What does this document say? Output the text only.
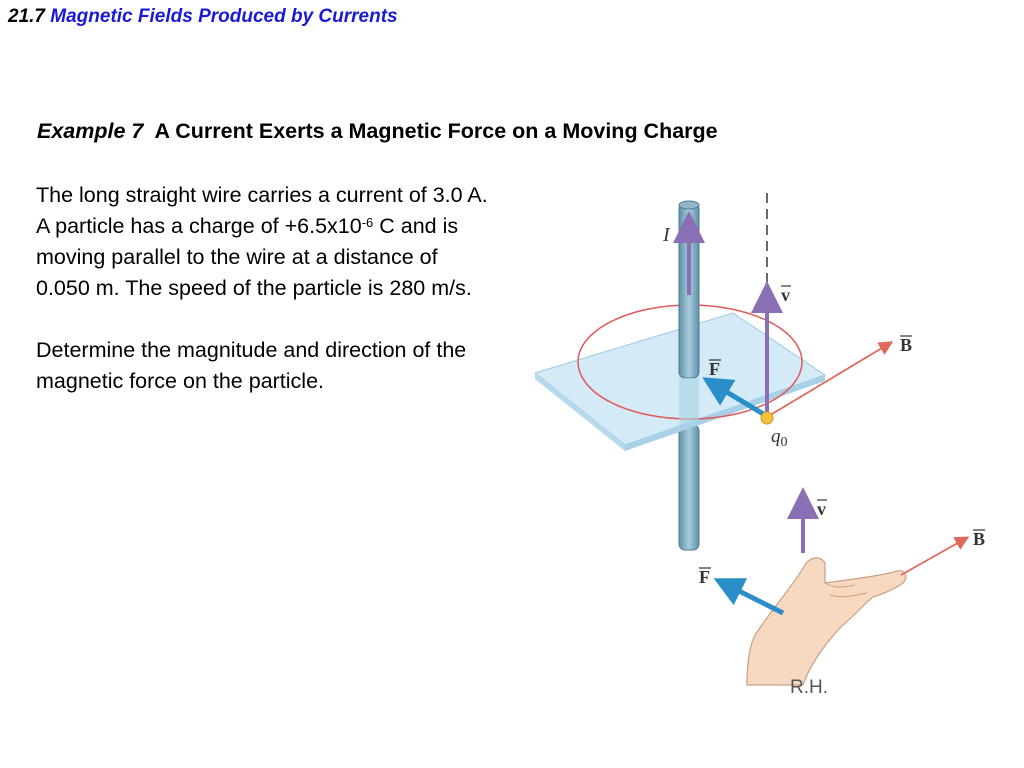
21.7 Magnetic Fields Produced by Currents
Example 7 A Current Exerts a Magnetic Force on a Moving Charge

The long straight wire carries a current of 3.0 A. A particle has a charge of $+6.5x10^{-6}$ C and is moving parallel to the wire at a distance of 0.050 m. The speed of the particle is 280 m/s.

Determine the magnitude and direction of the magnetic force on the particle.

I
v
B
F
$q_0$
v
B
F
R.H.
